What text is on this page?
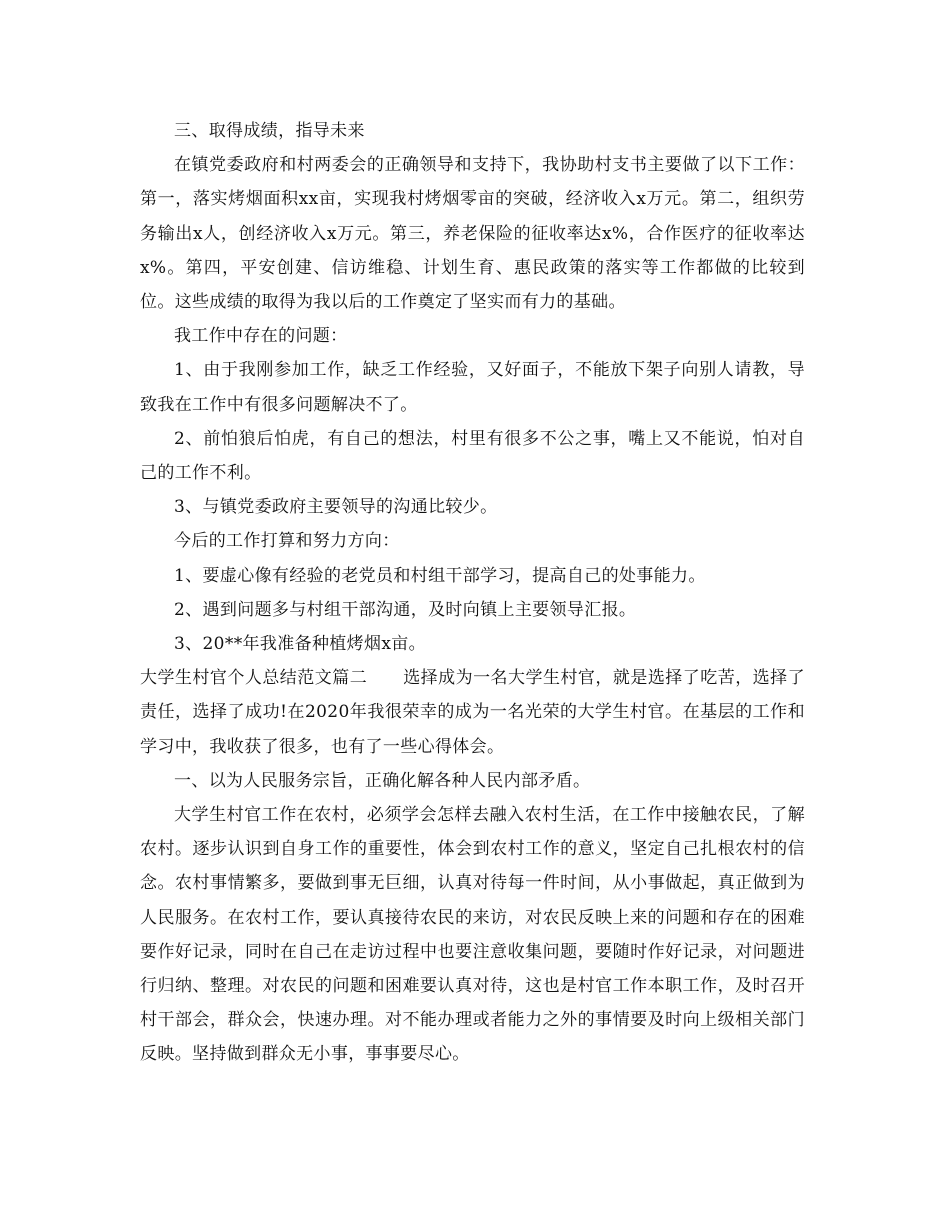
三、取得成绩，指导未来

在镇党委政府和村两委会的正确领导和支持下，我协助村支书主要做了以下工作：第一，落实烤烟面积xx亩，实现我村烤烟零亩的突破，经济收入x万元。第二，组织劳务输出x人，创经济收入x万元。第三，养老保险的征收率达x%，合作医疗的征收率达x%。第四，平安创建、信访维稳、计划生育、惠民政策的落实等工作都做的比较到位。这些成绩的取得为我以后的工作奠定了坚实而有力的基础。

我工作中存在的问题：

1、由于我刚参加工作，缺乏工作经验，又好面子，不能放下架子向别人请教，导致我在工作中有很多问题解决不了。

2、前怕狼后怕虎，有自己的想法，村里有很多不公之事，嘴上又不能说，怕对自己的工作不利。

3、与镇党委政府主要领导的沟通比较少。

今后的工作打算和努力方向：

1、要虚心像有经验的老党员和村组干部学习，提高自己的处事能力。

2、遇到问题多与村组干部沟通，及时向镇上主要领导汇报。

3、20**年我准备种植烤烟x亩。

大学生村官个人总结范文篇二 选择成为一名大学生村官，就是选择了吃苦，选择了责任，选择了成功!在2020年我很荣幸的成为一名光荣的大学生村官。在基层的工作和学习中，我收获了很多，也有了一些心得体会。

一、以为人民服务宗旨，正确化解各种人民内部矛盾。

大学生村官工作在农村，必须学会怎样去融入农村生活，在工作中接触农民，了解农村。逐步认识到自身工作的重要性，体会到农村工作的意义，坚定自己扎根农村的信念。农村事情繁多，要做到事无巨细，认真对待每一件时间，从小事做起，真正做到为人民服务。在农村工作，要认真接待农民的来访，对农民反映上来的问题和存在的困难要作好记录，同时在自己在走访过程中也要注意收集问题，要随时作好记录，对问题进行归纳、整理。对农民的问题和困难要认真对待，这也是村官工作本职工作，及时召开村干部会，群众会，快速办理。对不能办理或者能力之外的事情要及时向上级相关部门反映。坚持做到群众无小事，事事要尽心。
